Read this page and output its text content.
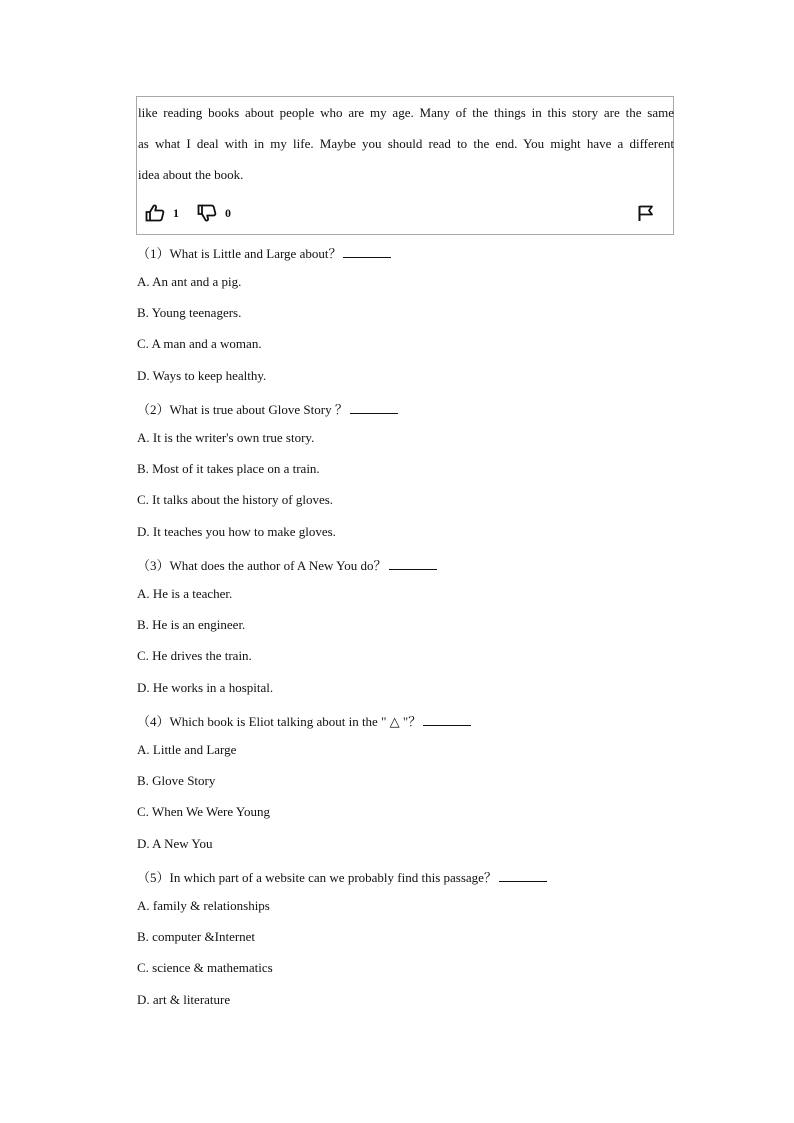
like reading books about people who are my age. Many of the things in this story are the same
as what I deal with in my life. Maybe you should read to the end. You might have a different
idea about the book.
1	0
（1）What is Little and Large about？
A. An ant and a pig.
B. Young teenagers.
C. A man and a woman.
D. Ways to keep healthy.
（2）What is true about Glove Story ？
A. It is the writer's own true story.
B. Most of it takes place on a train.
C. It talks about the history of gloves.
D. It teaches you how to make gloves.
（3）What does the author of A New You do？
A. He is a teacher.
B. He is an engineer.
C. He drives the train.
D. He works in a hospital.
（4）Which book is Eliot talking about in the " △ "？
A. Little and Large
B. Glove Story
C. When We Were Young
D. A New You
（5）In which part of a website can we probably find this passage？
A. family & relationships
B. computer &Internet
C. science & mathematics
D. art & literature
